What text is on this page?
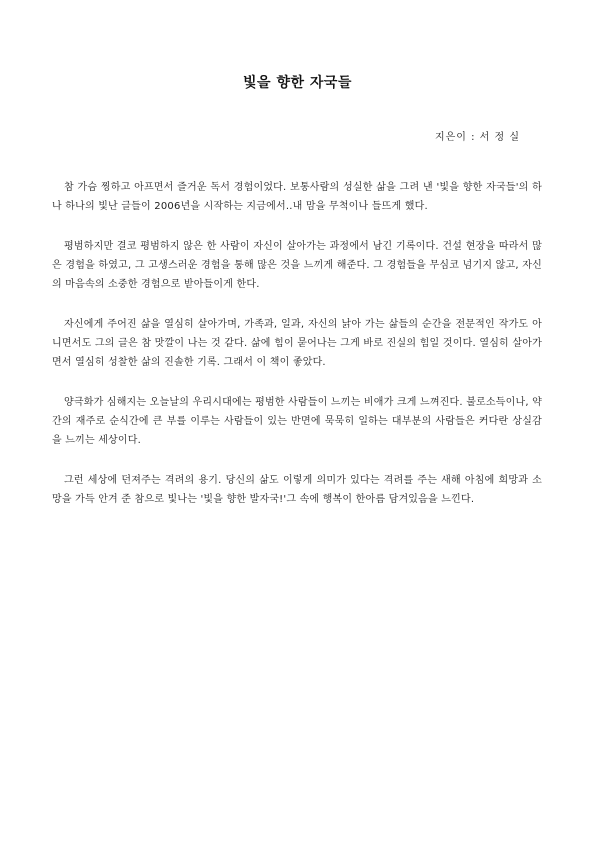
빛을 향한 자국들
지은이 : 서 정 실

참 가슴 찡하고 아프면서 즐거운 독서 경험이었다. 보통사람의 성실한 삶을 그려 낸 '빛을 향한 자국들'의 하나 하나의 빛난 글들이 2006년을 시작하는 지금에서..내 맘을 무척이나 들뜨게 했다.

평범하지만 결코 평범하지 않은 한 사람이 자신이 살아가는 과정에서 남긴 기록이다. 건설 현장을 따라서 많은 경험을 하였고, 그 고생스러운 경험을 통해 많은 것을 느끼게 해준다. 그 경험들을 무심코 넘기지 않고, 자신의 마음속의 소중한 경험으로 받아들이게 한다.

자신에게 주어진 삶을 열심히 살아가며, 가족과, 일과, 자신의 낡아 가는 삶들의 순간을 전문적인 작가도 아니면서도 그의 글은 참 맛깔이 나는 것 같다. 삶에 힘이 묻어나는 그게 바로 진실의 힘일 것이다. 열심히 살아가면서 열심히 성찰한 삶의 진솔한 기록. 그래서 이 책이 좋았다.

양극화가 심해지는 오늘날의 우리시대에는 평범한 사람들이 느끼는 비애가 크게 느껴진다. 불로소득이나, 약간의 재주로 순식간에 큰 부를 이루는 사람들이 있는 반면에 묵묵히 일하는 대부분의 사람들은 커다란 상실감을 느끼는 세상이다.

그런 세상에 던져주는 격려의 용기. 당신의 삶도 이렇게 의미가 있다는 격려를 주는 새해 아침에 희망과 소망을 가득 안겨 준 참으로 빛나는 '빛을 향한 발자국!'그 속에 행복이 한아름 담겨있음을 느낀다.
